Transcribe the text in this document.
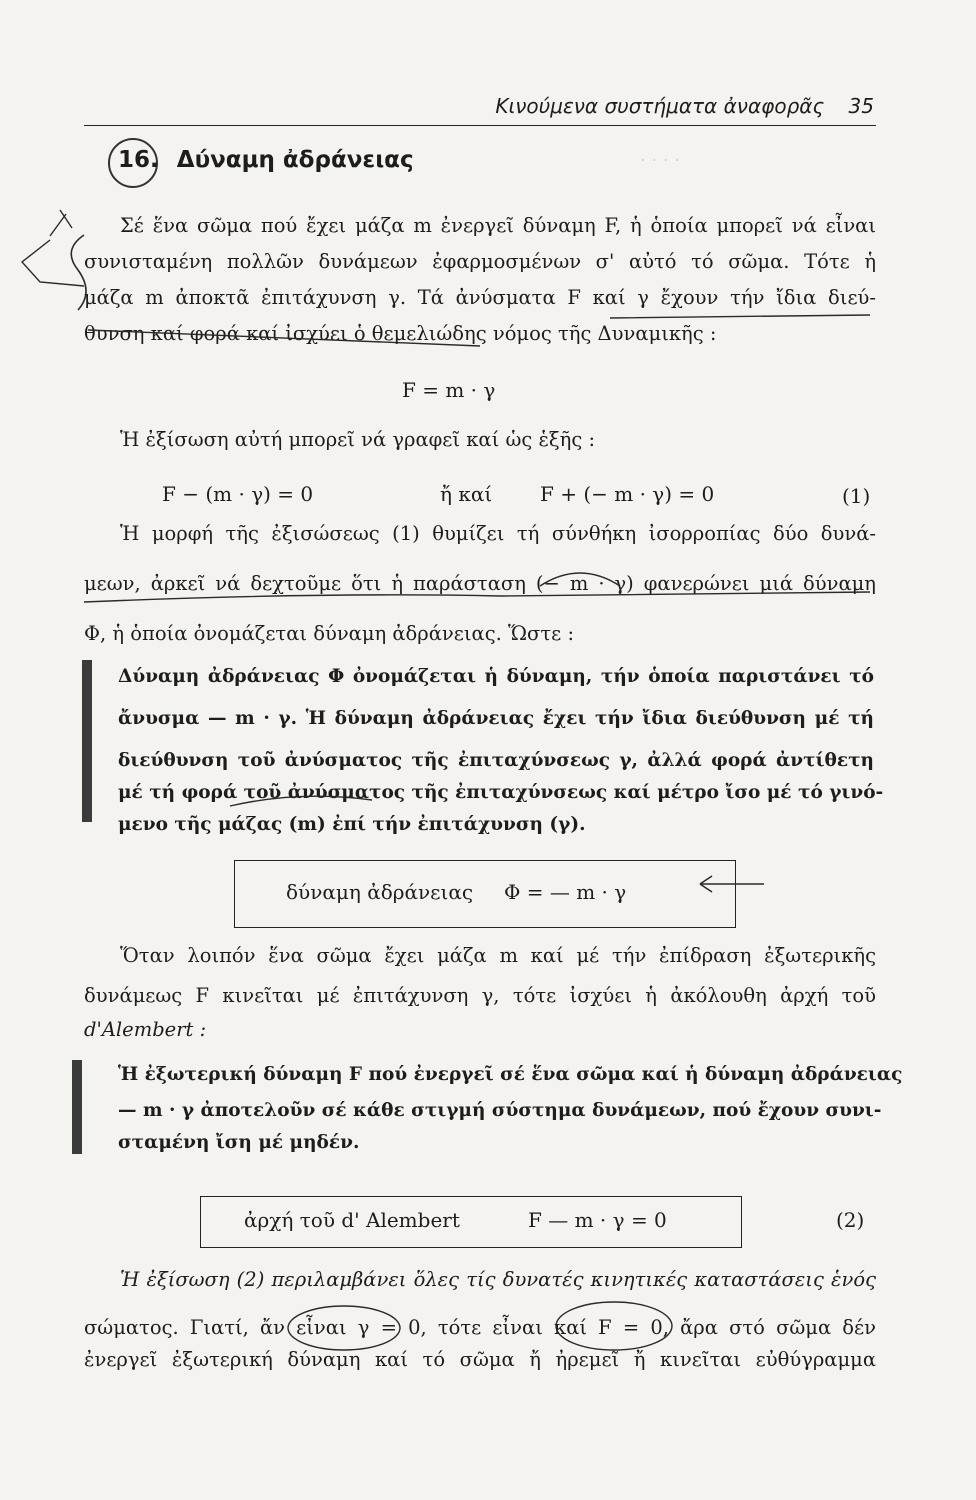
· · · ·
Κινούμενα συστήματα ἀναφορᾶς 35
16. Δύναμη ἀδράνειας
Σέ ἕνα σῶμα πού ἔχει μάζα m ἐνεργεῖ δύναμη F, ἡ ὁποία μπορεῖ νά εἶναι
συνισταμένη πολλῶν δυνάμεων ἐφαρμοσμένων σ' αὐτό τό σῶμα. Τότε ἡ
μάζα m ἀποκτᾶ ἐπιτάχυνση γ. Τά ἀνύσματα F καί γ ἔχουν τήν ἴδια διεύ-
θυνση καί φορά καί ἰσχύει ὁ θεμελιώδης νόμος τῆς Δυναμικῆς :
F = m · γ
Ἡ ἐξίσωση αὐτή μπορεῖ νά γραφεῖ καί ὡς ἑξῆς :
F − (m · γ) = 0	ἤ καί F + (− m · γ) = 0	(1)
Ἡ μορφή τῆς ἐξισώσεως (1) θυμίζει τή σύνθήκη ἰσορροπίας δύο δυνά-
μεων, ἀρκεῖ νά δεχτοῦμε ὅτι ἡ παράσταση (− m · γ) φανερώνει μιά δύναμη
Φ, ἡ ὁποία ὀνομάζεται δύναμη ἀδράνειας. Ὥστε :
Δύναμη ἀδράνειας Φ ὀνομάζεται ἡ δύναμη, τήν ὁποία παριστάνει τό
ἄνυσμα — m · γ. Ἡ δύναμη ἀδράνειας ἔχει τήν ἴδια διεύθυνση μέ τή
διεύθυνση τοῦ ἀνύσματος τῆς ἐπιταχύνσεως γ, ἀλλά φορά ἀντίθετη
μέ τή φορά τοῦ ἀνύσματος τῆς ἐπιταχύνσεως καί μέτρο ἴσο μέ τό γινό-
μενο τῆς μάζας (m) ἐπί τήν ἐπιτάχυνση (γ).
δύναμη ἀδράνειας Φ = — m · γ
Ὅταν λοιπόν ἕνα σῶμα ἔχει μάζα m καί μέ τήν ἐπίδραση ἐξωτερικῆς
δυνάμεως F κινεῖται μέ ἐπιτάχυνση γ, τότε ἰσχύει ἡ ἀκόλουθη ἀρχή τοῦ
d'Alembert :
Ἡ ἐξωτερική δύναμη F πού ἐνεργεῖ σέ ἕνα σῶμα καί ἡ δύναμη ἀδράνειας
— m · γ ἀποτελοῦν σέ κάθε στιγμή σύστημα δυνάμεων, πού ἔχουν συνι-
σταμένη ἴση μέ μηδέν.
ἀρχή τοῦ d' Alembert	F — m · γ = 0	(2)
Ἡ ἐξίσωση (2) περιλαμβάνει ὅλες τίς δυνατές κινητικές καταστάσεις ἑνός
σώματος. Γιατί, ἄν εἶναι γ = 0, τότε εἶναι καί F = 0, ἄρα στό σῶμα δέν
ἐνεργεῖ ἐξωτερική δύναμη καί τό σῶμα ἤ ἠρεμεῖ ἤ κινεῖται εὐθύγραμμα
